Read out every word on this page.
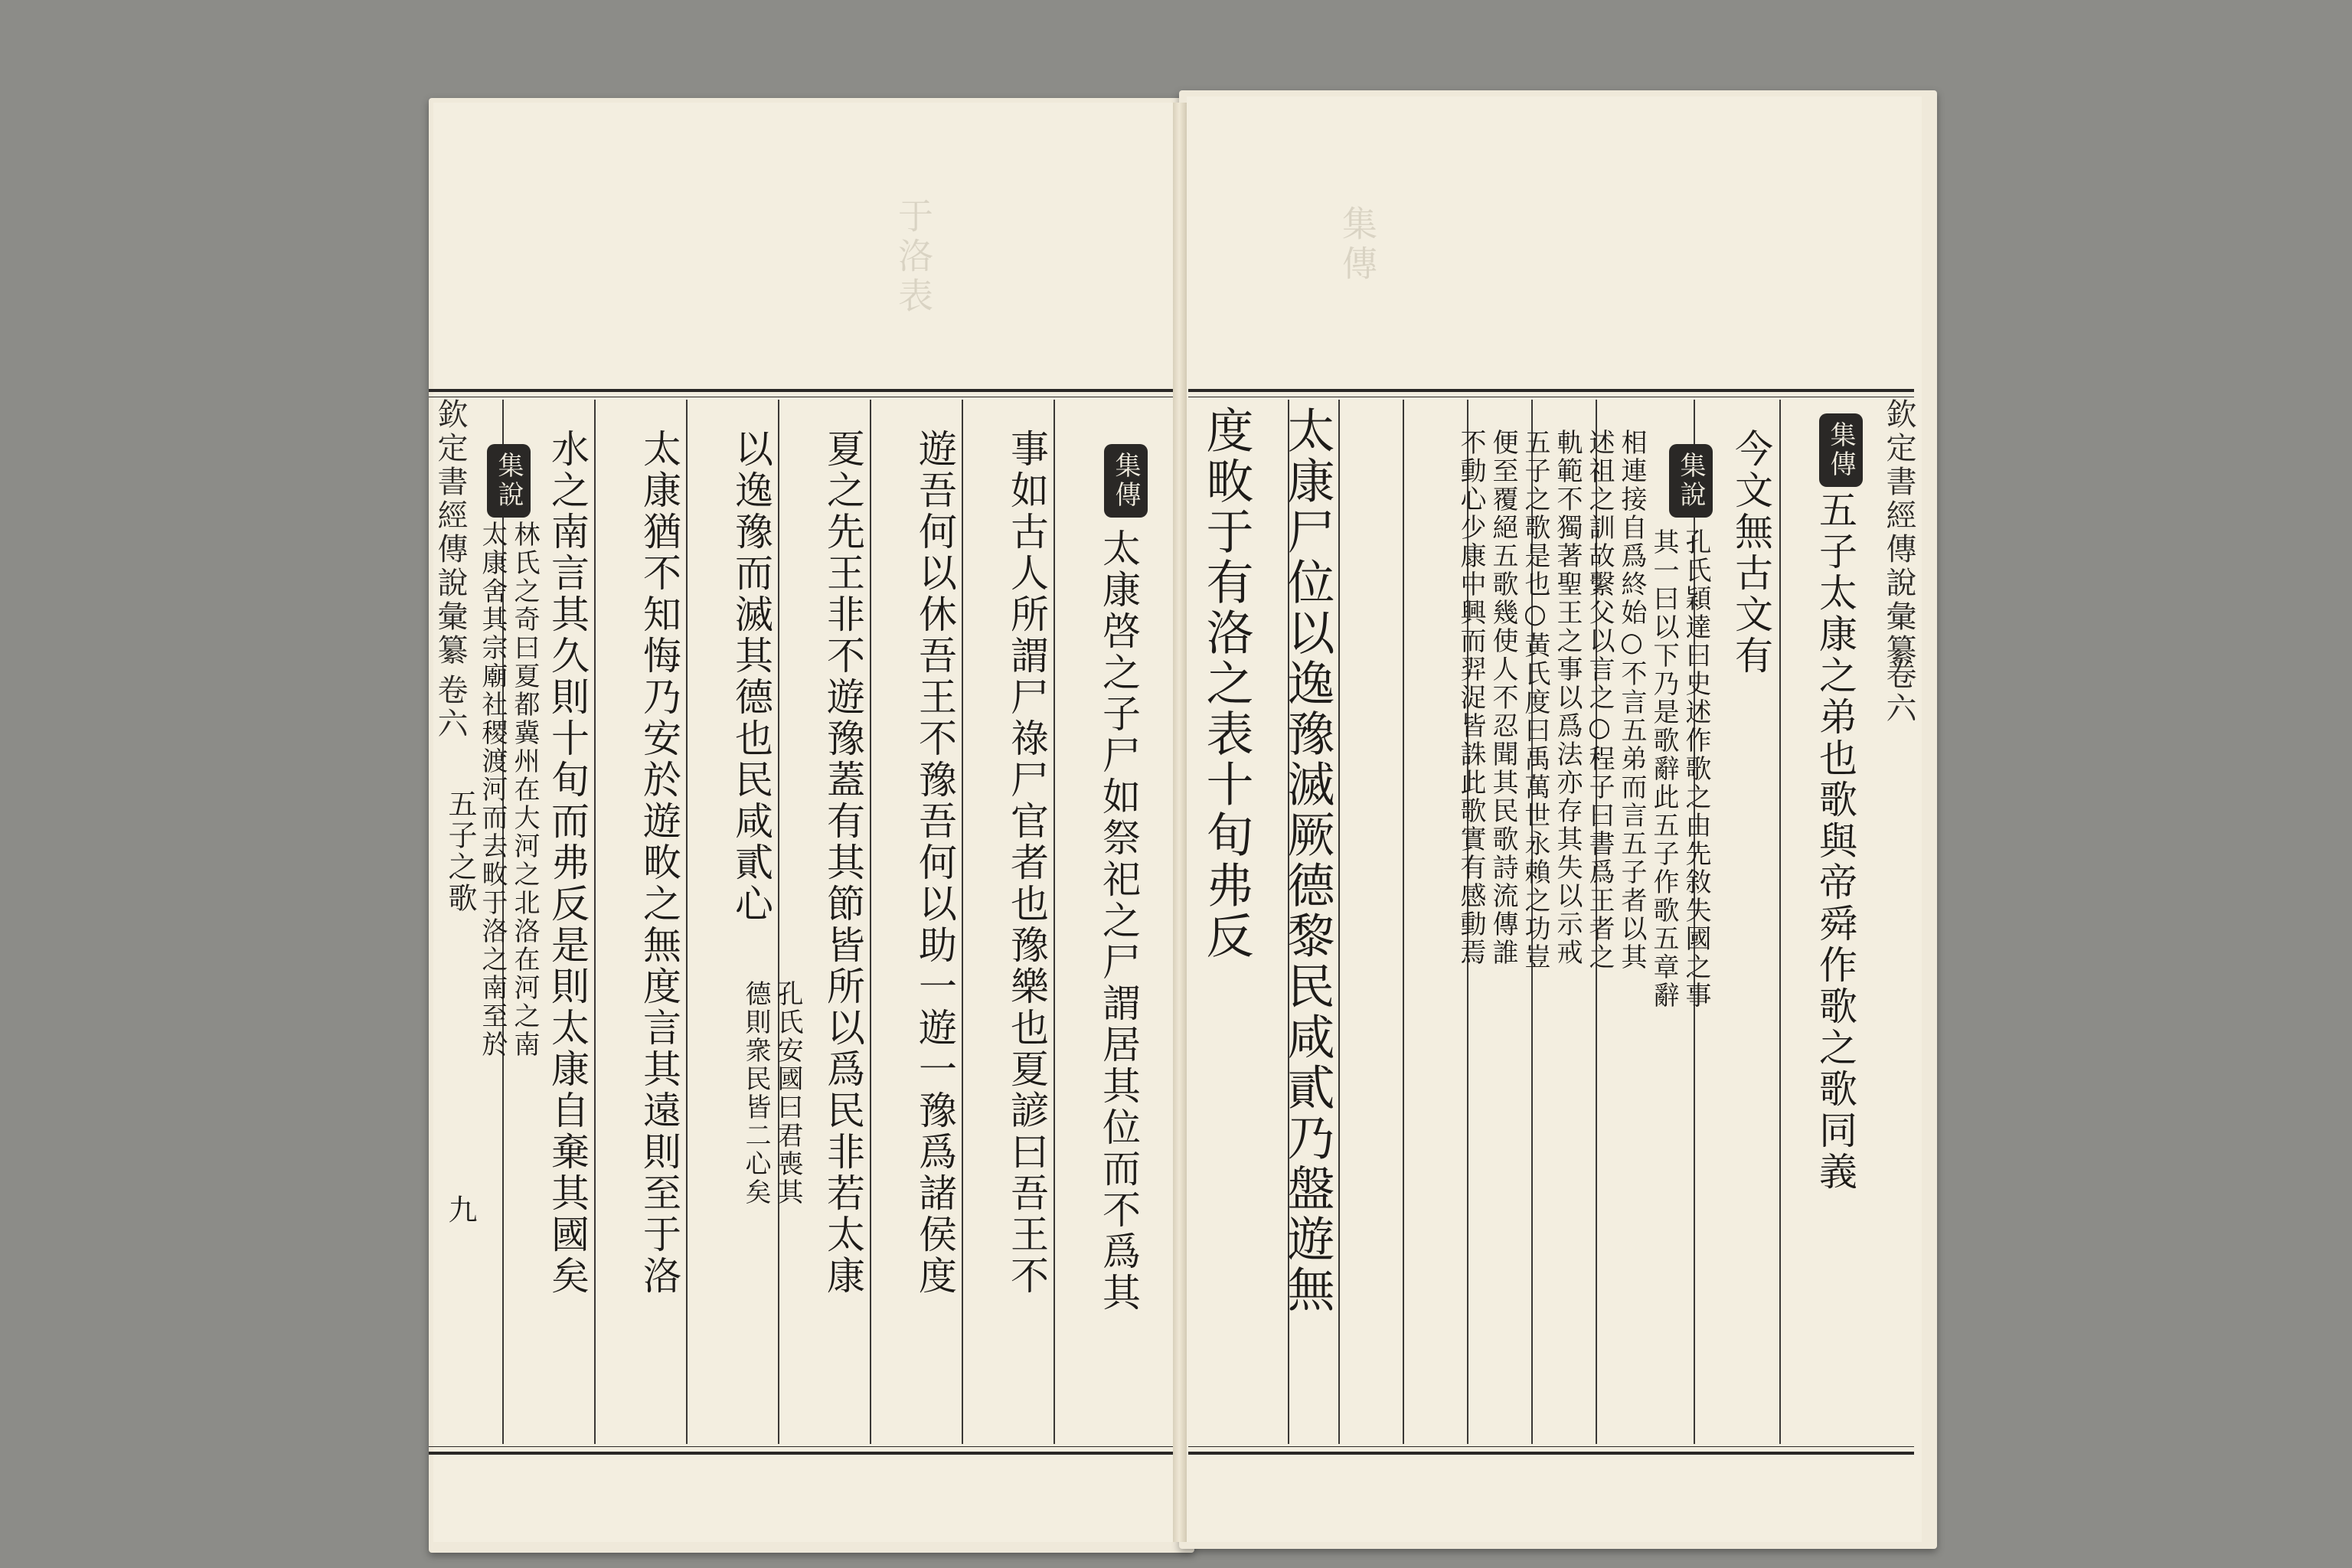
于洛表	集傳
欽定書經傳說彙纂
卷六
五子之歌
九
集說
林氏之奇曰夏都冀州在大河之北洛在河之南
太康舍其宗廟社稷渡河而去畋于洛之南至於 水之南言其久則十旬而弗反是則太康自棄其國矣 太康猶不知悔乃安於遊畋之無度言其遠則至于洛 以逸豫而滅其德也民咸貳心
孔氏安國曰君喪其
德則衆民皆二心矣 夏之先王非不遊豫蓋有其節皆所以爲民非若太康 遊吾何以休吾王不豫吾何以助一遊一豫爲諸侯度 事如古人所謂尸祿尸官者也豫樂也夏諺曰吾王不 集傳
太康啓之子尸如祭祀之尸謂居其位而不爲其	欽定書經傳說彙纂
卷六
集傳
五子太康之弟也歌與帝舜作歌之歌同義
今文無古文有
集說
孔氏穎達曰史述作歌之由先敘失國之事
其一曰以下乃是歌辭此五子作歌五章辭
相連接自爲終始○不言五弟而言五子者以其
述祖之訓故繫父以言之○程子曰書爲王者之
軌範不獨著聖王之事以爲法亦存其失以示戒
五子之歌是也○黃氏度曰禹萬世永賴之功豈
便至覆絕五歌幾使人不忍聞其民歌詩流傳誰
不動心少康中興而羿浞皆誅此歌實有感動焉
太康尸位以逸豫滅厥德黎民咸貳乃盤遊無
度畋于有洛之表十旬弗反
